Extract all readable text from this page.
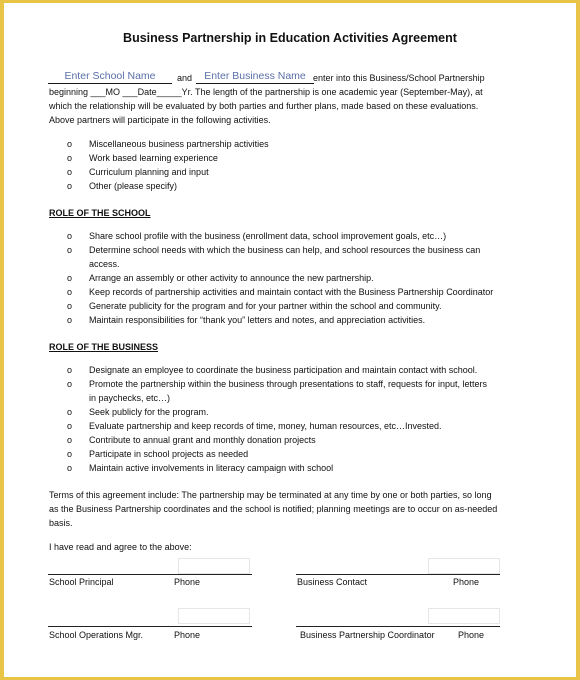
Business Partnership in Education Activities Agreement
Enter School Name	and	Enter Business Name enter into this Business/School Partnership
beginning ___MO ___Date_____Yr. The length of the partnership is one academic year (September-May), at
which the relationship will be evaluated by both parties and further plans, made based on these evaluations.
Above partners will participate in the following activities.
o Miscellaneous business partnership activities
o Work based learning experience
o Curriculum planning and input
o Other (please specify)
ROLE OF THE SCHOOL
o Share school profile with the business (enrollment data, school improvement goals, etc…)
o Determine school needs with which the business can help, and school resources the business can
access.
o Arrange an assembly or other activity to announce the new partnership.
o Keep records of partnership activities and maintain contact with the Business Partnership Coordinator
o Generate publicity for the program and for your partner within the school and community.
o Maintain responsibilities for “thank you” letters and notes, and appreciation activities.
ROLE OF THE BUSINESS
o Designate an employee to coordinate the business participation and maintain contact with school.
o Promote the partnership within the business through presentations to staff, requests for input, letters
in paychecks, etc…)
o Seek publicly for the program.
o Evaluate partnership and keep records of time, money, human resources, etc…Invested.
o Contribute to annual grant and monthly donation projects
o Participate in school projects as needed
o Maintain active involvements in literacy campaign with school
Terms of this agreement include: The partnership may be terminated at any time by one or both parties, so long
as the Business Partnership coordinates and the school is notified; planning meetings are to occur on as-needed
basis.
I have read and agree to the above:
School Principal	Phone	Business Contact	Phone
School Operations Mgr.	Phone	Business Partnership Coordinator	Phone
